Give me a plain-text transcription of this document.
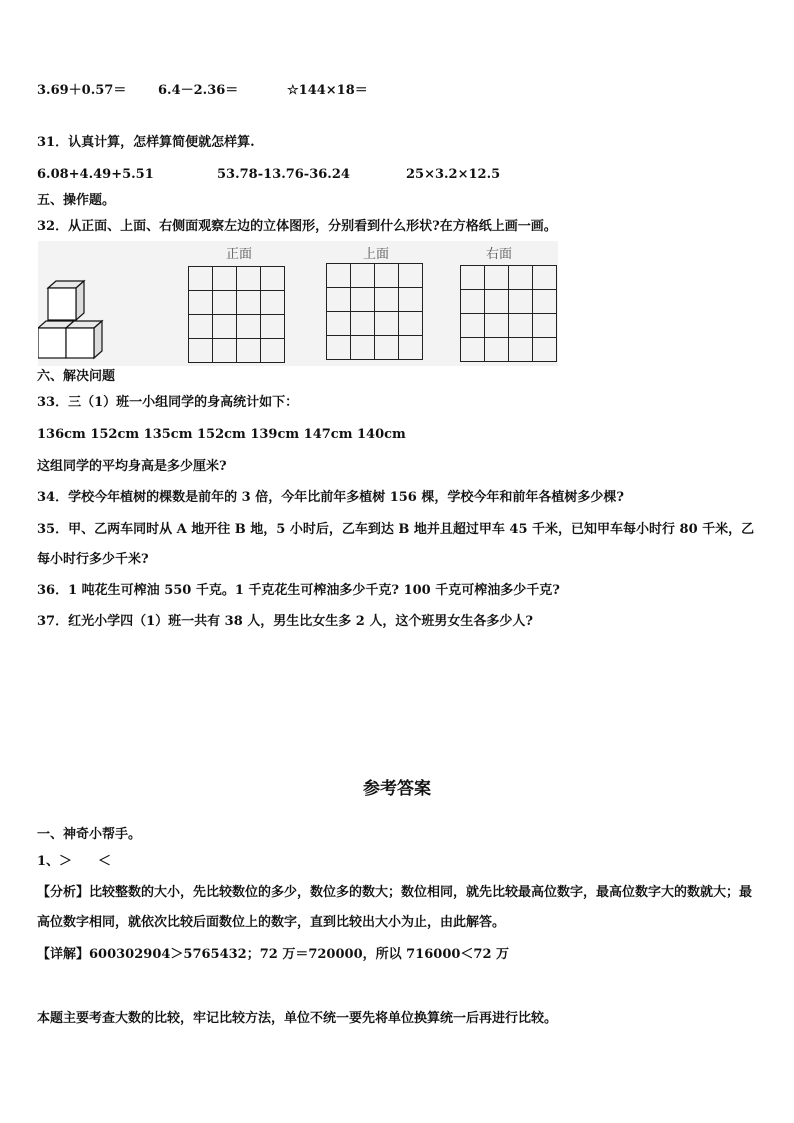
3.69＋0.57＝ 6.4－2.36＝	☆144×18＝
31．认真计算，怎样算简便就怎样算.
6.08+4.49+5.51	53.78-13.76-36.24	25×3.2×12.5
五、操作题。
32．从正面、上面、右侧面观察左边的立体图形，分别看到什么形状?在方格纸上画一画。
正面	上面	右面
六、解决问题
33．三（1）班一小组同学的身高统计如下：
136cm 152cm 135cm 152cm 139cm 147cm 140cm
这组同学的平均身高是多少厘米?
34．学校今年植树的棵数是前年的 3 倍，今年比前年多植树 156 棵，学校今年和前年各植树多少棵?
35．甲、乙两车同时从 A 地开往 B 地，5 小时后，乙车到达 B 地并且超过甲车 45 千米，已知甲车每小时行 80 千米，乙每小时行多少千米?
36．1 吨花生可榨油 550 千克。1 千克花生可榨油多少千克? 100 千克可榨油多少千克?
37．红光小学四（1）班一共有 38 人，男生比女生多 2 人，这个班男女生各多少人?
参考答案
一、神奇小帮手。
1、＞　　＜
【分析】比较整数的大小，先比较数位的多少，数位多的数大；数位相同，就先比较最高位数字，最高位数字大的数就大；最高位数字相同，就依次比较后面数位上的数字，直到比较出大小为止，由此解答。
【详解】600302904＞5765432；72 万＝720000，所以 716000＜72 万
本题主要考查大数的比较，牢记比较方法，单位不统一要先将单位换算统一后再进行比较。
